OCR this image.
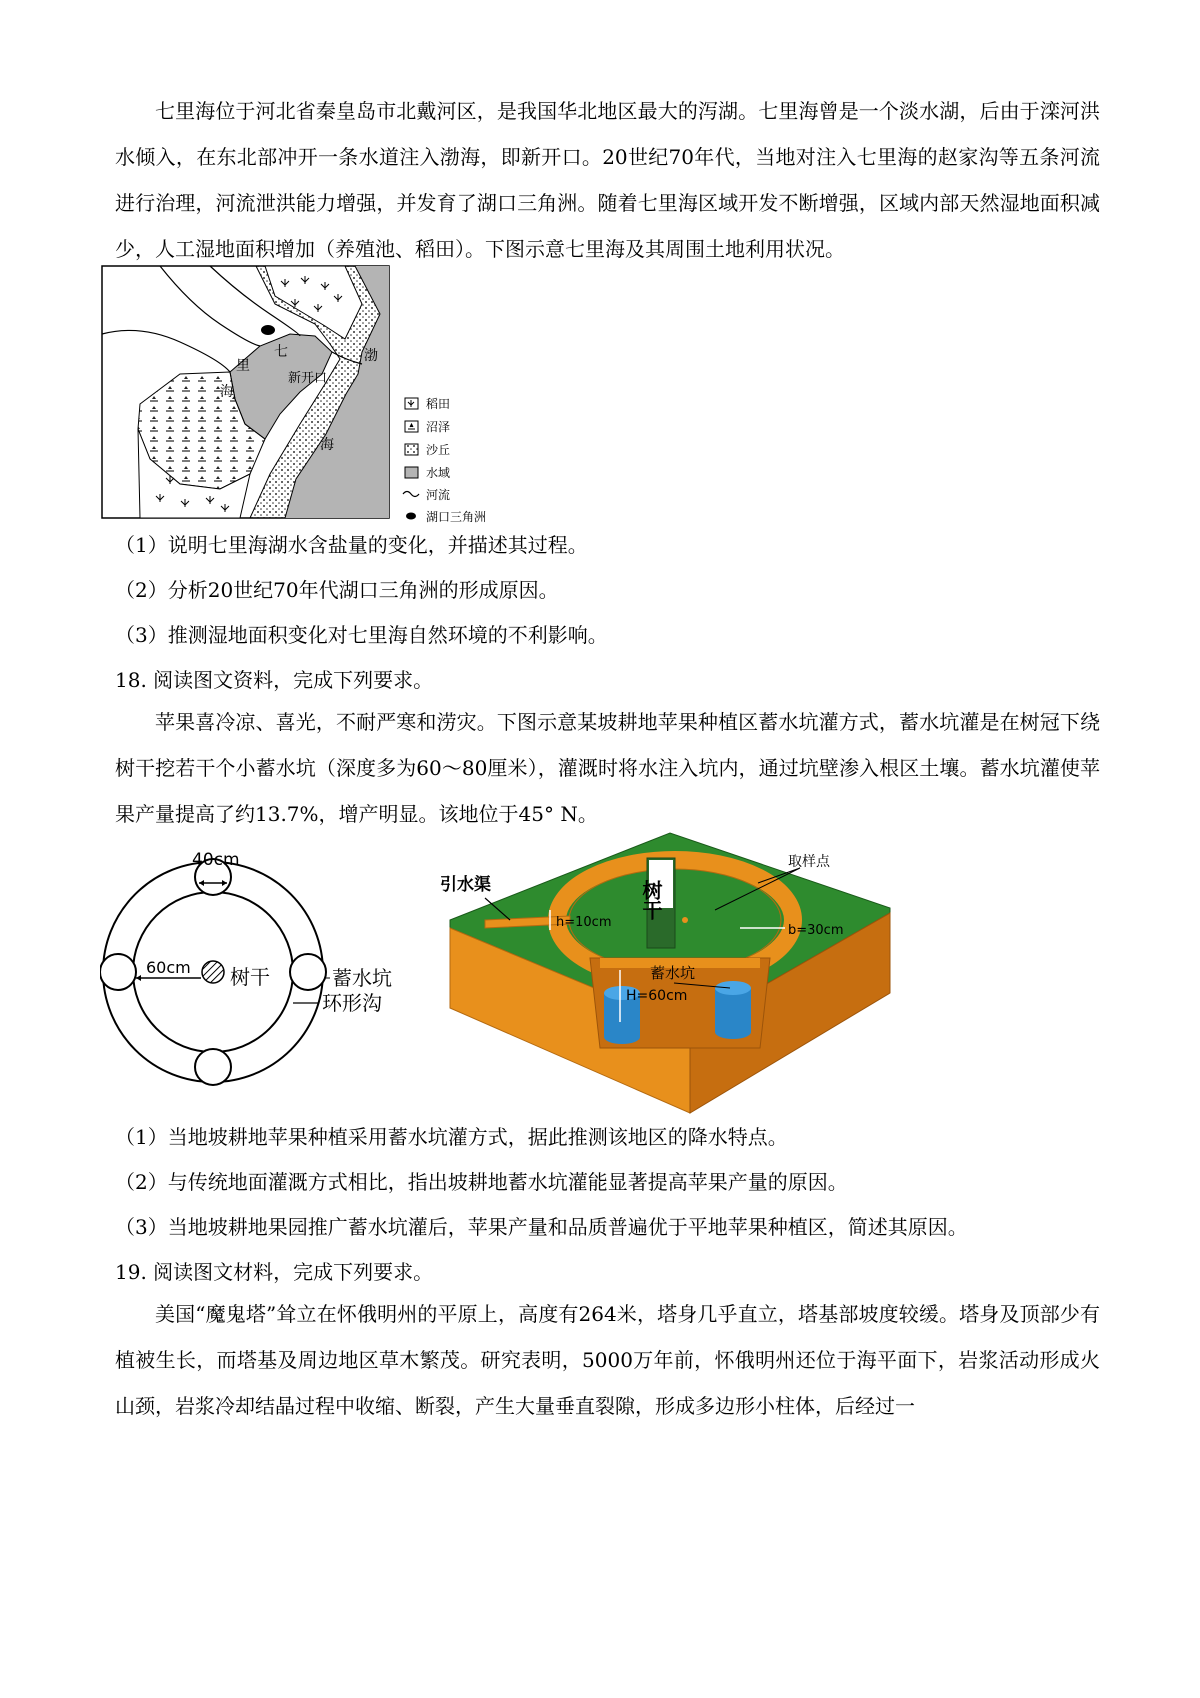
七里海位于河北省秦皇岛市北戴河区，是我国华北地区最大的泻湖。七里海曾是一个淡水湖，后由于滦河洪水倾入，在东北部冲开一条水道注入渤海，即新开口。20世纪70年代，当地对注入七里海的赵家沟等五条河流进行治理，河流泄洪能力增强，并发育了湖口三角洲。随着七里海区域开发不断增强，区域内部天然湿地面积减少，人工湿地面积增加（养殖池、稻田）。下图示意七里海及其周围土地利用状况。

七
里
海
渤
海
新开口
稻田
沼泽
沙丘
水域
河流
湖口三角洲

（1）说明七里海湖水含盐量的变化，并描述其过程。

（2）分析20世纪70年代湖口三角洲的形成原因。

（3）推测湿地面积变化对七里海自然环境的不利影响。

18. 阅读图文资料，完成下列要求。

苹果喜冷凉、喜光，不耐严寒和涝灾。下图示意某坡耕地苹果种植区蓄水坑灌方式，蓄水坑灌是在树冠下绕树干挖若干个小蓄水坑（深度多为60～80厘米），灌溉时将水注入坑内，通过坑壁渗入根区土壤。蓄水坑灌使苹果产量提高了约13.7%，增产明显。该地位于45° N。

40cm
60cm 树干	蓄水坑
环形沟
树干
取样点
引水渠
h=10cm
b=30cm
蓄水坑
H=60cm

（1）当地坡耕地苹果种植采用蓄水坑灌方式，据此推测该地区的降水特点。

（2）与传统地面灌溉方式相比，指出坡耕地蓄水坑灌能显著提高苹果产量的原因。

（3）当地坡耕地果园推广蓄水坑灌后，苹果产量和品质普遍优于平地苹果种植区，简述其原因。

19. 阅读图文材料，完成下列要求。

美国“魔鬼塔”耸立在怀俄明州的平原上，高度有264米，塔身几乎直立，塔基部坡度较缓。塔身及顶部少有植被生长，而塔基及周边地区草木繁茂。研究表明，5000万年前，怀俄明州还位于海平面下，岩浆活动形成火山颈，岩浆冷却结晶过程中收缩、断裂，产生大量垂直裂隙，形成多边形小柱体，后经过一
